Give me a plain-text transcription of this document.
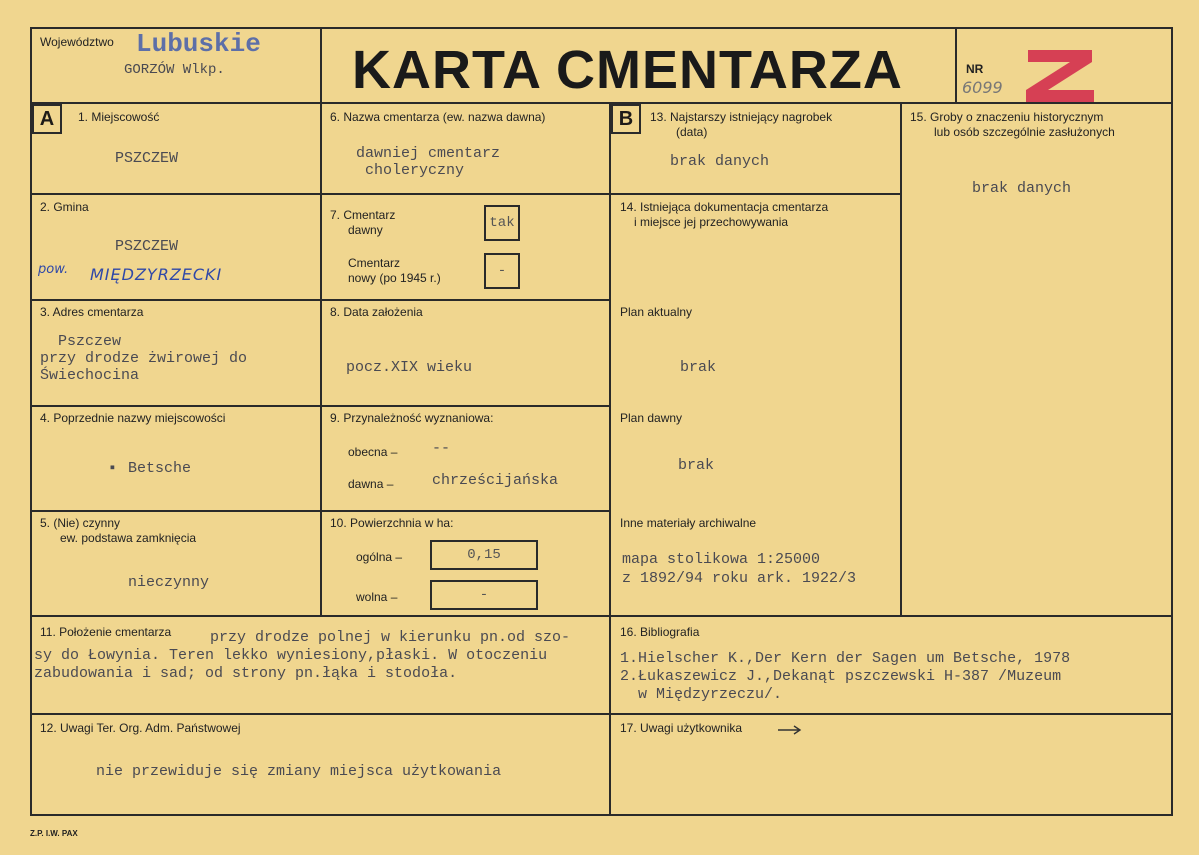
Województwo Lubuskie
GORZÓW Wlkp. KARTA CMENTARZA	NR
6099
A	B
1. Miejscowość
PSZCZEW
2. Gmina
PSZCZEW
pow. MIĘDZYRZECKI
3. Adres cmentarza
Pszczew
przy drodze żwirowej do
Świechocina
4. Poprzednie nazwy miejscowości
▪ Betsche
5. (Nie) czynny
ew. podstawa zamknięcia
nieczynny
6. Nazwa cmentarza (ew. nazwa dawna)
dawniej cmentarz
choleryczny
7. Cmentarz
dawny	tak
Cmentarz
nowy (po 1945 r.)	-
8. Data założenia
pocz.XIX wieku
9. Przynależność wyznaniowa:
obecna – --
dawna –	chrześcijańska
10. Powierzchnia w ha:
ogólna –	0,15
wolna –	-
13. Najstarszy istniejący nagrobek
(data)
brak danych
14. Istniejąca dokumentacja cmentarza
i miejsce jej przechowywania
Plan aktualny
brak
Plan dawny
brak
Inne materiały archiwalne
mapa stolikowa 1:25000
z 1892/94 roku ark. 1922/3
15. Groby o znaczeniu historycznym
lub osób szczególnie zasłużonych
brak danych
11. Położenie cmentarza	przy drodze polnej w kierunku pn.od szo-
sy do Łowynia. Teren lekko wyniesiony,płaski. W otoczeniu
zabudowania i sad; od strony pn.łąka i stodoła.
16. Bibliografia
1.Hielscher K.,Der Kern der Sagen um Betsche, 1978
2.Łukaszewicz J.,Dekanąt pszczewski H-387 /Muzeum
w Międzyrzeczu/.
12. Uwagi Ter. Org. Adm. Państwowej
nie przewiduje się zmiany miejsca użytkowania
17. Uwagi użytkownika
Z.P. I.W. PAX
